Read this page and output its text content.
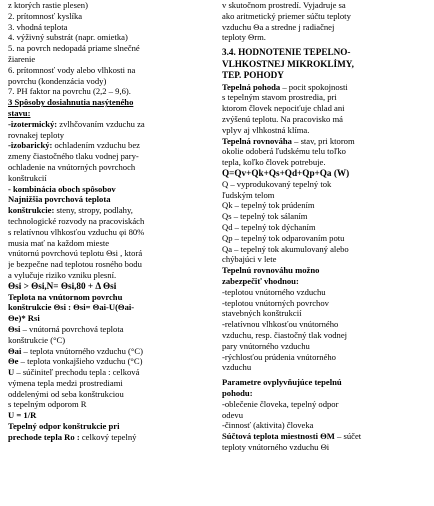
z ktorých rastie plesen)
2. prítomnosť kyslíka
3. vhodná teplota
4. výživný substrát (napr. omietka)
5. na povrch nedopadá priame slnečné
žiarenie
6. prítomnosť vody alebo vlhkosti na
povrchu (kondenzácia vody)
7. PH faktor na povrchu (2,2 – 9,6).
3 Spôsoby dosiahnutia nasýteného
stavu:
-izotermický: zvlhčovaním vzduchu za
rovnakej teploty
-izobarický: ochladením vzduchu bez
zmeny čiastočného tlaku vodnej pary-
ochladenie na vnútorných povrchoch
konštrukcií
- kombinácia oboch spôsobov
Najnižšia povrchová teplota
konštrukcie: steny, stropy, podlahy,
technologické rozvody na pracoviskách
s relatívnou vlhkosťou vzduchu φi 80%
musia mať na každom mieste
vnútornú povrchovú teplotu Θsi , ktorá
je bezpečne nad teplotou rosného bodu
a vylučuje riziko vzniku plesní.
Θsi > Θsi,N= Θsi,80 + Δ Θsi
Teplota na vnútornom povrchu
konštrukcie Θsi : Θsi= Θai-U(Θai-
Θe)* Rsi
Θsi – vnútorná povrchová teplota
konštrukcie (°C)
Θai – teplota vnútorného vzduchu (°C)
Θe – teplota vonkajšieho vzduchu (°C)
U – súčiniteľ prechodu tepla : celková
výmena tepla medzi prostrediami
oddelenými od seba konštrukciou
s tepelným odporom R
U = 1/R
Tepelný odpor konštrukcie pri
prechode tepla Ro : celkový tepelný
v skutočnom prostredí. Vyjadruje sa
ako aritmetický priemer súčtu teploty
vzduchu Θa a stredne j radiačnej
teploty Θrm.
3.4. HODNOTENIE TEPELNO-
VLHKOSTNEJ MIKROKLÍMY,
TEP. POHODY
Tepelná pohoda – pocit spokojnosti
s tepelným stavom prostredia, pri
ktorom človek nepociťuje chlad ani
zvýšenú teplotu. Na pracovisko má
vplyv aj vlhkostná klíma.
Tepelná rovnováha – stav, pri ktorom
okolie odoberá ľudskému telu toľko
tepla, koľko človek potrebuje.
Q=Qv+Qk+Qs+Qd+Qp+Qa (W)
Q – vyprodukovaný tepelný tok
ľudským telom
Qk – tepelný tok prúdením
Qs – tepelný tok sálaním
Qd – tepelný tok dýchaním
Qp – tepelný tok odparovaním potu
Qa – tepelný tok akumulovaný alebo
chýbajúci v lete
Tepelnú rovnováhu možno
zabezpečiť vhodnou:
-teplotou vnútorného vzduchu
-teplotou vnútorných povrchov
stavebných konštrukcií
-relatívnou vlhkosťou vnútorného
vzduchu, resp. čiastočný tlak vodnej
pary vnútorného vzduchu
-rýchlosťou prúdenia vnútorného
vzduchu
Parametre ovplyvňujúce tepelnú
pohodu:
-oblečenie človeka, tepelný odpor
odevu
-činnosť (aktivita) človeka
Súčtová teplota miestnosti ΘM – súčet
teploty vnútorného vzduchu Θi
